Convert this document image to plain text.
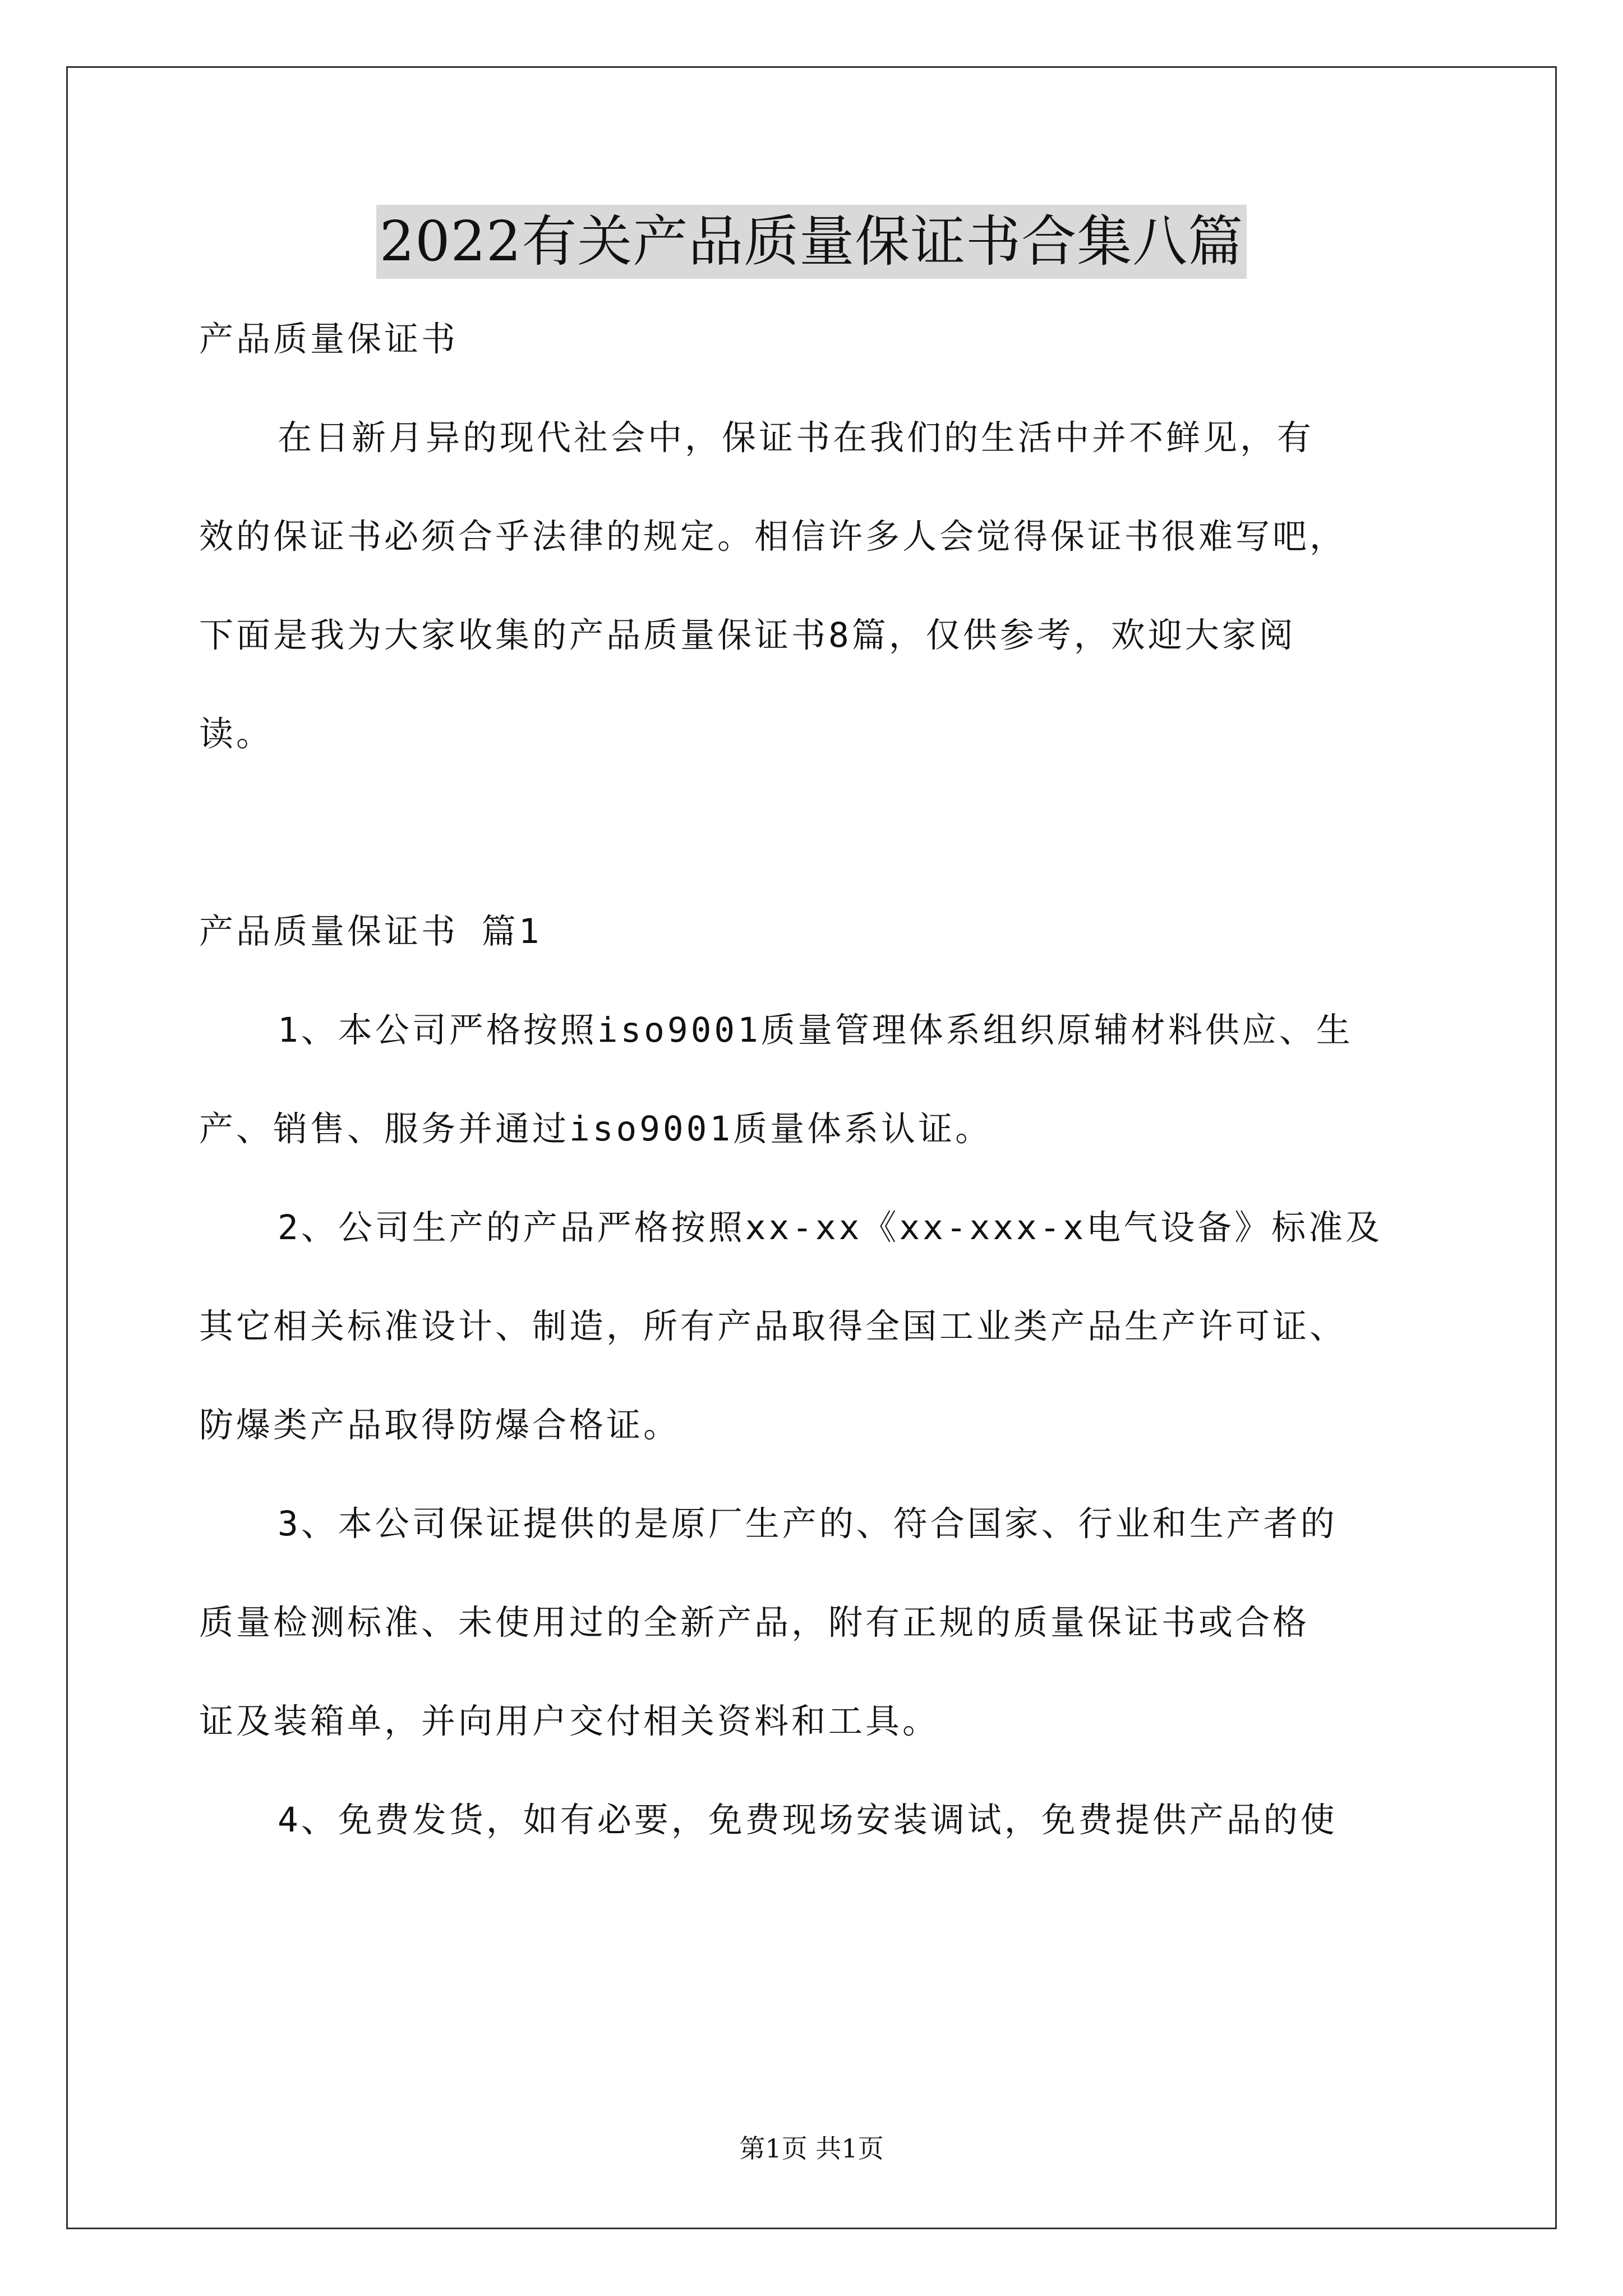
2022有关产品质量保证书合集八篇
产品质量保证书
在日新月异的现代社会中，保证书在我们的生活中并不鲜见，有
效的保证书必须合乎法律的规定。相信许多人会觉得保证书很难写吧，
下面是我为大家收集的产品质量保证书8篇，仅供参考，欢迎大家阅
读。
产品质量保证书 篇1
1、本公司严格按照iso9001质量管理体系组织原辅材料供应、生
产、销售、服务并通过iso9001质量体系认证。
2、公司生产的产品严格按照xx-xx《xx-xxx-x电气设备》标准及
其它相关标准设计、制造，所有产品取得全国工业类产品生产许可证、
防爆类产品取得防爆合格证。
3、本公司保证提供的是原厂生产的、符合国家、行业和生产者的
质量检测标准、未使用过的全新产品，附有正规的质量保证书或合格
证及装箱单，并向用户交付相关资料和工具。
4、免费发货，如有必要，免费现场安装调试，免费提供产品的使
第1页 共1页
